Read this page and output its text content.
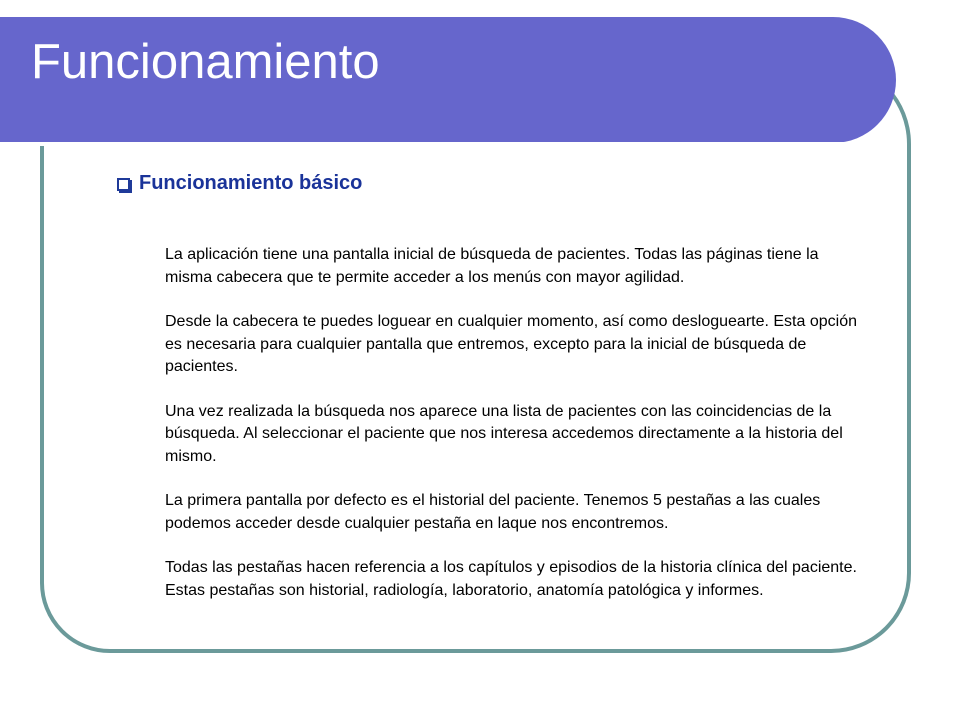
Funcionamiento
Funcionamiento básico

La aplicación tiene una pantalla inicial de búsqueda de pacientes. Todas las páginas tiene la misma cabecera que te permite acceder a los menús con mayor agilidad.

Desde la cabecera te puedes loguear en cualquier momento, así como desloguearte. Esta opción es necesaria para cualquier pantalla que entremos, excepto para la inicial de búsqueda de pacientes.

Una vez realizada la búsqueda nos aparece una lista de pacientes con las coincidencias de la búsqueda. Al seleccionar el paciente que nos interesa accedemos directamente a la historia del mismo.

La primera pantalla por defecto es el historial del paciente. Tenemos 5 pestañas a las cuales podemos acceder desde cualquier pestaña en laque nos encontremos.

Todas las pestañas hacen referencia a los capítulos y episodios de la historia clínica del paciente. Estas pestañas son historial, radiología, laboratorio, anatomía patológica y informes.
